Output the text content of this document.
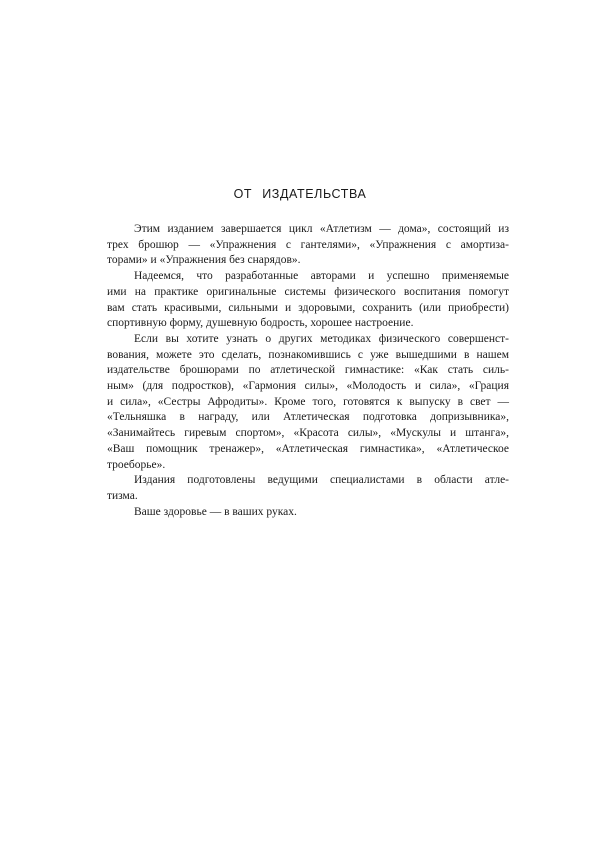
ОТ ИЗДАТЕЛЬСТВА
Этим изданием завершается цикл «Атлетизм — дома», состоящий из
трех брошюр — «Упражнения с гантелями», «Упражнения с амортиза-
торами» и «Упражнения без снарядов».
Надеемся, что разработанные авторами и успешно применяемые
ими на практике оригинальные системы физического воспитания помогут
вам стать красивыми, сильными и здоровыми, сохранить (или приобрести)
спортивную форму, душевную бодрость, хорошее настроение.
Если вы хотите узнать о других методиках физического совершенст-
вования, можете это сделать, познакомившись с уже вышедшими в нашем
издательстве брошюрами по атлетической гимнастике: «Как стать силь-
ным» (для подростков), «Гармония силы», «Молодость и сила», «Грация
и сила», «Сестры Афродиты». Кроме того, готовятся к выпуску в свет —
«Тельняшка в награду, или Атлетическая подготовка допризывника»,
«Занимайтесь гиревым спортом», «Красота силы», «Мускулы и штанга»,
«Ваш помощник тренажер», «Атлетическая гимнастика», «Атлетическое
троеборье».
Издания подготовлены ведущими специалистами в области атле-
тизма.
Ваше здоровье — в ваших руках.
